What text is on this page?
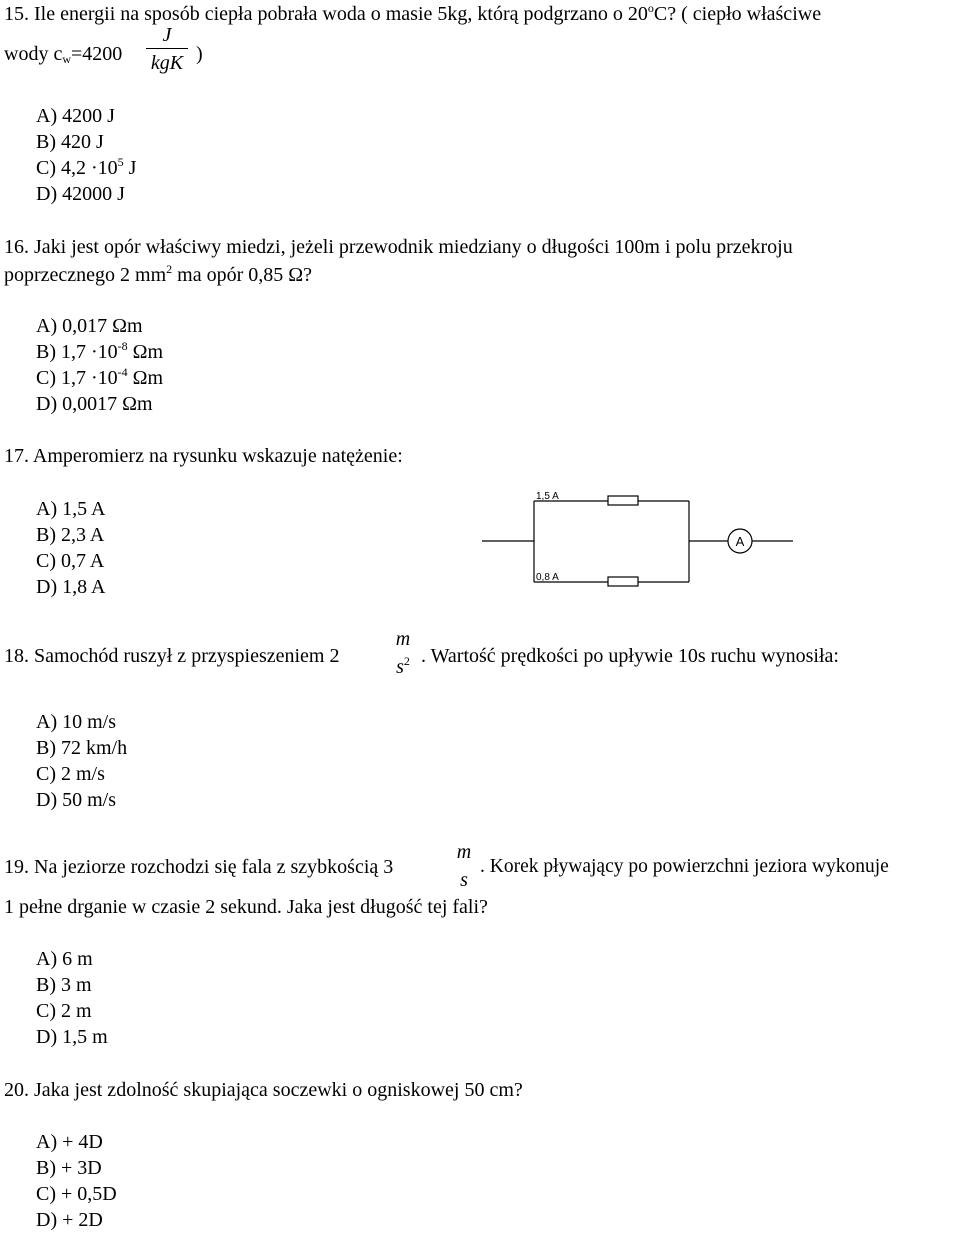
15. Ile energii na sposób ciepła pobrała woda o masie 5kg, którą podgrzano o 20$^o$C? ( ciepło właściwe
wody $c_w=4200$
J
kgK )
A) 4200 J
B) 420 J
C) $4,2 \cdot 10^5$ J
D) 42000 J
16. Jaki jest opór właściwy miedzi, jeżeli przewodnik miedziany o długości 100m i polu przekroju
poprzecznego 2 $mm^2$ ma opór 0,85 Ω?
A) 0,017 Ωm
B) $1,7 \cdot 10^{-8}$ Ωm
C) $1,7 \cdot 10^{-4}$ Ωm
D) 0,0017 Ωm
17. Amperomierz na rysunku wskazuje natężenie:
A) 1,5 A
B) 2,3 A
C) 0,7 A
D) 1,8 A
1,5 A
0,8 A
A
18. Samochód ruszył z przyspieszeniem 2
m
$s^2$ . Wartość prędkości po upływie 10s ruchu wynosiła:
A) 10 m/s
B) 72 km/h
C) 2 m/s
D) 50 m/s
19. Na jeziorze rozchodzi się fala z szybkością 3
m
s
. Korek pływający po powierzchni jeziora wykonuje
1 pełne drganie w czasie 2 sekund. Jaka jest długość tej fali?
A) 6 m
B) 3 m
C) 2 m
D) 1,5 m
20. Jaka jest zdolność skupiająca soczewki o ogniskowej 50 cm?
A) + 4D
B) + 3D
C) + 0,5D
D) + 2D
